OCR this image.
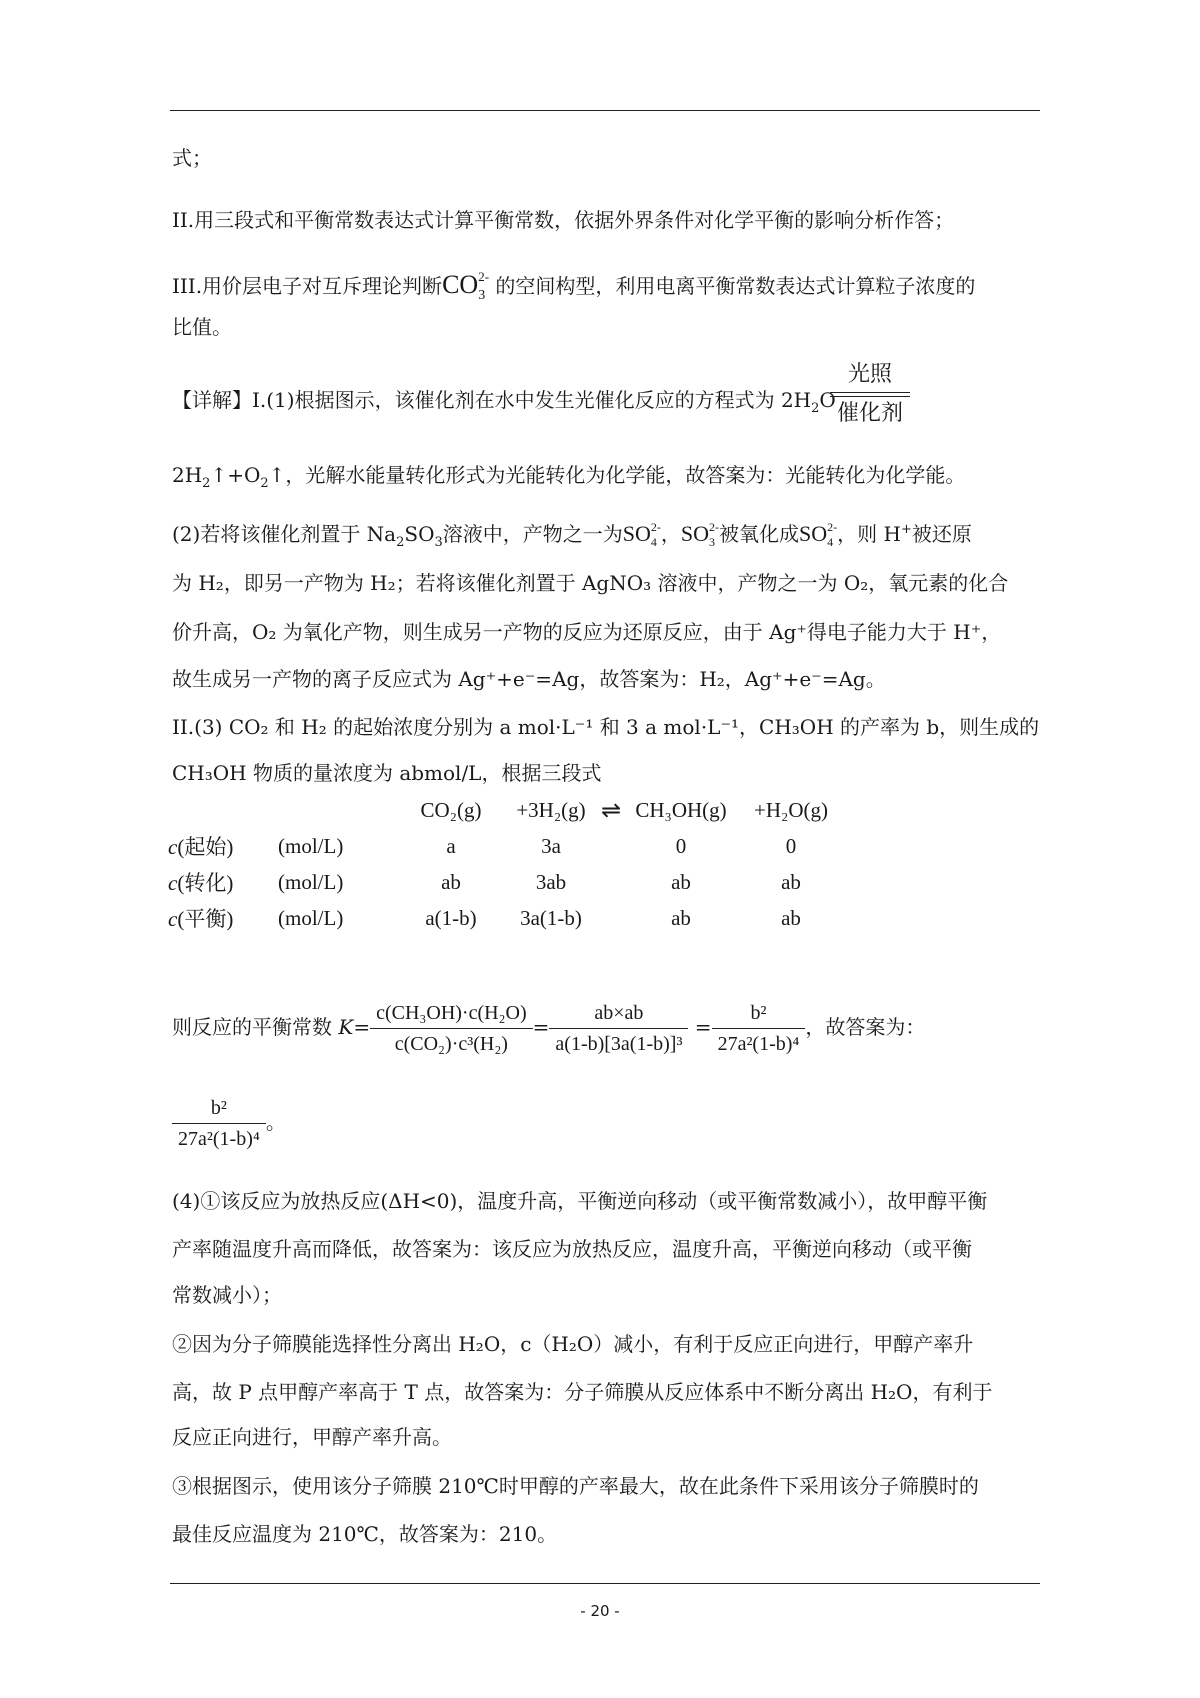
式；
II.用三段式和平衡常数表达式计算平衡常数，依据外界条件对化学平衡的影响分析作答；
III.用价层电子对互斥理论判断$CO_3^{2-}$ 的空间构型，利用电离平衡常数表达式计算粒子浓度的
比值。
【详解】I.(1)根据图示，该催化剂在水中发生光催化反应的方程式为 $2H_2O$
光照
催化剂
$2H_2↑+O_2↑$，光解水能量转化形式为光能转化为化学能，故答案为：光能转化为化学能。
(2)若将该催化剂置于 $Na_2SO_3$溶液中，产物之一为$SO_4^{2-}$，$SO_3^{2-}$被氧化成$SO_4^{2-}$，则 H+被还原
为 H₂，即另一产物为 H₂；若将该催化剂置于 AgNO₃ 溶液中，产物之一为 O₂，氧元素的化合
价升高，O₂ 为氧化产物，则生成另一产物的反应为还原反应，由于 Ag⁺得电子能力大于 H⁺，
故生成另一产物的离子反应式为 Ag⁺+e⁻=Ag，故答案为：H₂，Ag⁺+e⁻=Ag。
II.(3) CO₂ 和 H₂ 的起始浓度分别为 a mol·L⁻¹ 和 3 a mol·L⁻¹，CH₃OH 的产率为 b，则生成的
CH₃OH 物质的量浓度为 abmol/L，根据三段式
		CO₂(g)	+3H₂(g)	⇌	CH₃OH(g)	+H₂O(g)
c(起始)	(mol/L)	a	3a		0	0
c(转化)	(mol/L)	ab	3ab		ab	ab
c(平衡)	(mol/L)	a(1-b)	3a(1-b)		ab	ab
则反应的平衡常数 $K= \frac{\text{c(CH₃OH)·c(H₂O)}}{\text{c(CO₂)·c³(H₂)}} = \frac{ab\times ab}{\text{a(1-b)[3a(1-b)]³}} = \frac{\text{b²}}{\text{27a²(1-b)⁴}}$ ，故答案为：
$\frac{\text{b²}}{\text{27a²(1-b)⁴}}$ 。
(4)①该反应为放热反应(ΔH<0)，温度升高，平衡逆向移动（或平衡常数减小），故甲醇平衡
产率随温度升高而降低，故答案为：该反应为放热反应，温度升高，平衡逆向移动（或平衡
常数减小）；
②因为分子筛膜能选择性分离出 H₂O，c（H₂O）减小，有利于反应正向进行，甲醇产率升
高，故 P 点甲醇产率高于 T 点，故答案为：分子筛膜从反应体系中不断分离出 H₂O，有利于
反应正向进行，甲醇产率升高。
③根据图示，使用该分子筛膜 210℃时甲醇的产率最大，故在此条件下采用该分子筛膜时的
最佳反应温度为 210℃，故答案为：210。
- 20 -
